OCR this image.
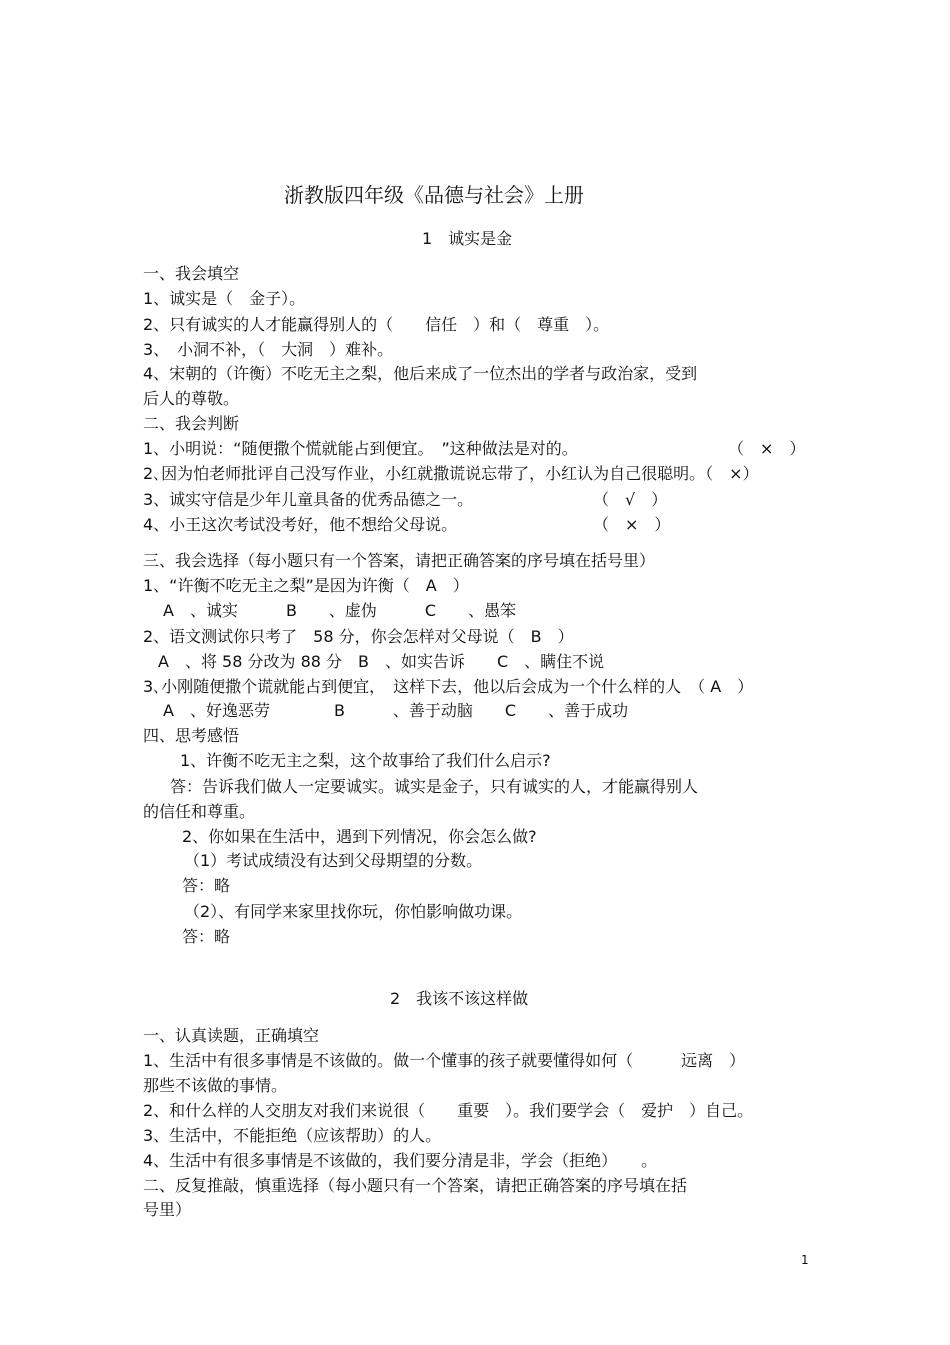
浙教版四年级《品德与社会》上册
1　诚实是金
一、我会填空
1、诚实是（　金子）。
2、只有诚实的人才能赢得别人的（　　信任　）和（　尊重　）。
3、　小洞不补，（　大洞　）难补。
4、宋朝的（许衡）不吃无主之梨，他后来成了一位杰出的学者与政治家，受到
后人的尊敬。
二、我会判断
1、小明说：“随便撒个慌就能占到便宜。　”这种做法是对的。	（　×　）
2､因为怕老师批评自己没写作业，小红就撒谎说忘带了，小红认为自己很聪明。（　×）
3、诚实守信是少年儿童具备的优秀品德之一。	（　√　）
4、小王这次考试没考好，他不想给父母说。	（　×　）
三、我会选择（每小题只有一个答案，请把正确答案的序号填在括号里）
1、“许衡不吃无主之梨”是因为许衡（　A　）
A　、诚实　　　B　　、虚伪　　　C　　、愚笨
2、语文测试你只考了　58 分，你会怎样对父母说（　B　）
A　、将 58 分改为 88 分　B　、如实告诉　　C　、瞒住不说
3､小刚随便撒个谎就能占到便宜，　这样下去，他以后会成为一个什么样的人　（ A　）
A　、好逸恶劳　　　　B　　　、善于动脑　　C　　、善于成功
四、思考感悟
1、许衡不吃无主之梨，这个故事给了我们什么启示?
答：告诉我们做人一定要诚实。诚实是金子，只有诚实的人，才能赢得别人
的信任和尊重。
2、你如果在生活中，遇到下列情况，你会怎么做?
（1）考试成绩没有达到父母期望的分数。
答：略
（2）、有同学来家里找你玩，你怕影响做功课。
答：略
2　我该不该这样做
一、认真读题，正确填空
1、生活中有很多事情是不该做的。做一个懂事的孩子就要懂得如何（　　　远离　）
那些不该做的事情。
2、和什么样的人交朋友对我们来说很（　　重要　）。我们要学会（　爱护　）自己。
3、生活中，不能拒绝（应该帮助）的人。
4、生活中有很多事情是不该做的，我们要分清是非，学会（拒绝）　　。
二、反复推敲，慎重选择（每小题只有一个答案，请把正确答案的序号填在括
号里）
1
